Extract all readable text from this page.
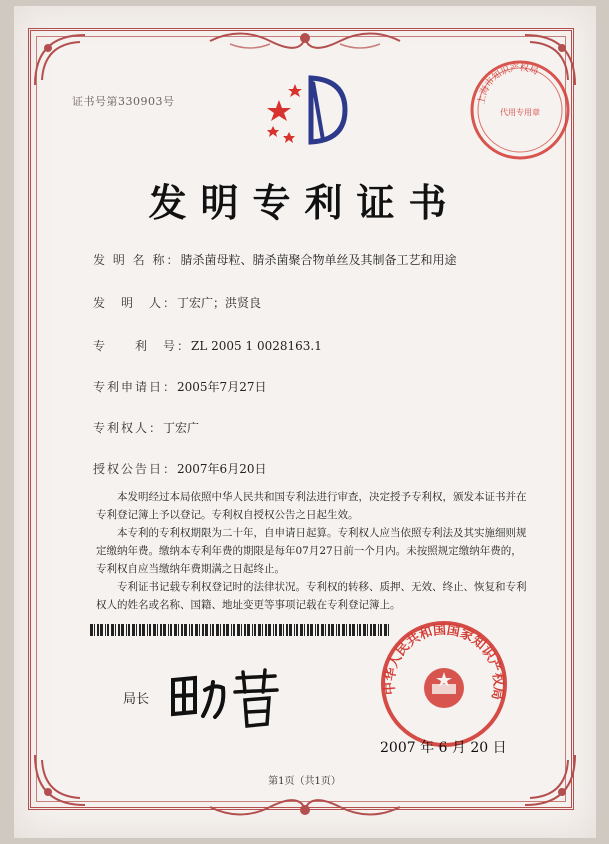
证书号第330903号	上海市知识产权局
代用专用章
发明专利证书
发 明 名 称：腈杀菌母粒、腈杀菌聚合物单丝及其制备工艺和用途
发　明　人：丁宏广；洪贤良
专　　利　号：ZL 2005 1 0028163.1
专利申请日：2005年7月27日
专利权人：丁宏广
授权公告日：2007年6月20日

本发明经过本局依照中华人民共和国专利法进行审查，决定授予专利权，颁发本证书并在专利登记簿上予以登记。专利权自授权公告之日起生效。

本专利的专利权期限为二十年，自申请日起算。专利权人应当依照专利法及其实施细则规定缴纳年费。缴纳本专利年费的期限是每年07月27日前一个月内。未按照规定缴纳年费的，专利权自应当缴纳年费期满之日起终止。

专利证书记载专利权登记时的法律状况。专利权的转移、质押、无效、终止、恢复和专利权人的姓名或名称、国籍、地址变更等事项记载在专利登记簿上。

局长
中华人民共和国国家知识产权局
2007 年 6 月 20 日
第1页（共1页）
